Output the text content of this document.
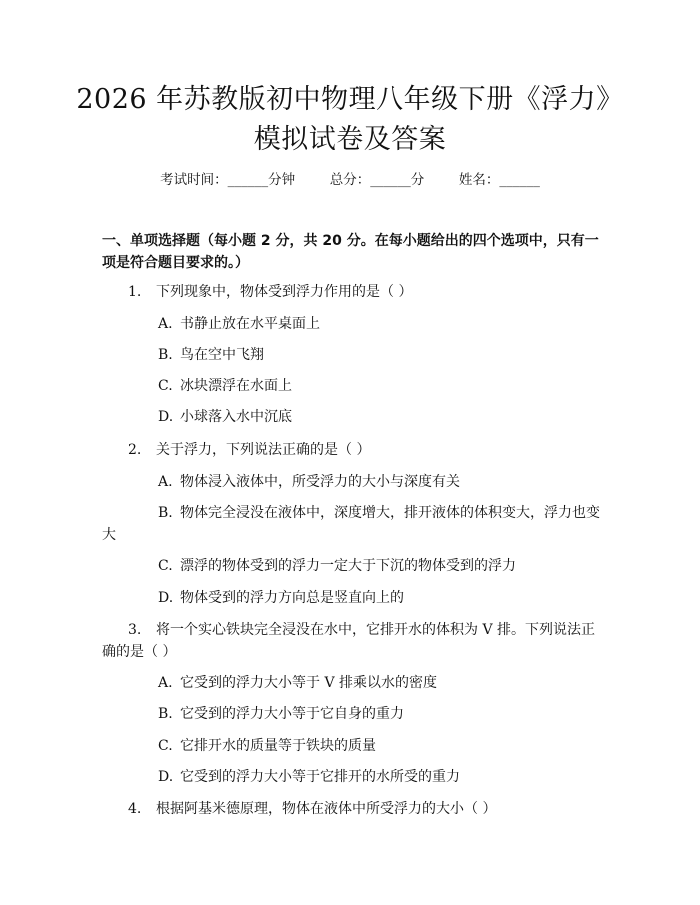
2026 年苏教版初中物理八年级下册《浮力》
模拟试卷及答案
考试时间：______分钟	总分：______分	姓名：______
一、单项选择题（每小题 2 分，共 20 分。在每小题给出的四个选项中，只有一项是符合题目要求的。）
1. 下列现象中，物体受到浮力作用的是（ ）
A. 书静止放在水平桌面上
B. 鸟在空中飞翔
C. 冰块漂浮在水面上
D. 小球落入水中沉底
2. 关于浮力，下列说法正确的是（ ）
A. 物体浸入液体中，所受浮力的大小与深度有关
B. 物体完全浸没在液体中，深度增大，排开液体的体积变大，浮力也变大
C. 漂浮的物体受到的浮力一定大于下沉的物体受到的浮力
D. 物体受到的浮力方向总是竖直向上的
3. 将一个实心铁块完全浸没在水中，它排开水的体积为 V 排。下列说法正确的是（ ）
A. 它受到的浮力大小等于 V 排乘以水的密度
B. 它受到的浮力大小等于它自身的重力
C. 它排开水的质量等于铁块的质量
D. 它受到的浮力大小等于它排开的水所受的重力
4. 根据阿基米德原理，物体在液体中所受浮力的大小（ ）
